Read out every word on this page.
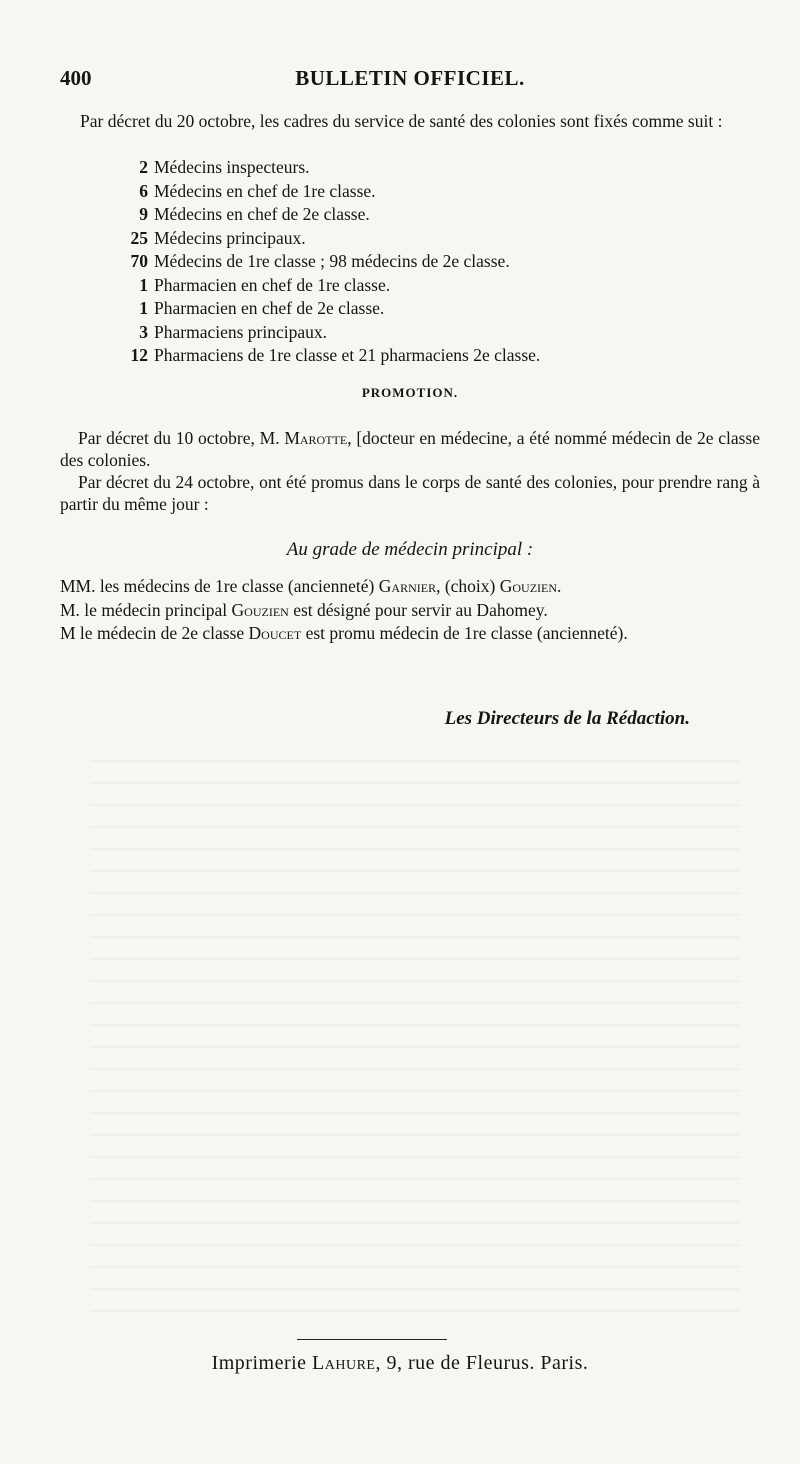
400	BULLETIN OFFICIEL.
Par décret du 20 octobre, les cadres du service de santé des colonies sont fixés comme suit :
2 Médecins inspecteurs.
6 Médecins en chef de 1re classe.
9 Médecins en chef de 2e classe.
25 Médecins principaux.
70 Médecins de 1re classe ; 98 médecins de 2e classe.
1 Pharmacien en chef de 1re classe.
1 Pharmacien en chef de 2e classe.
3 Pharmaciens principaux.
12 Pharmaciens de 1re classe et 21 pharmaciens 2e classe.
PROMOTION.
Par décret du 10 octobre, M. Marotte, [docteur en médecine, a été nommé médecin de 2e classe des colonies.
Par décret du 24 octobre, ont été promus dans le corps de santé des colonies, pour prendre rang à partir du même jour :
Au grade de médecin principal :
MM. les médecins de 1re classe (ancienneté) Garnier, (choix) Gouzien.
M. le médecin principal Gouzien est désigné pour servir au Dahomey.
M le médecin de 2e classe Doucet est promu médecin de 1re classe (ancienneté).
Les Directeurs de la Rédaction.
Imprimerie Lahure, 9, rue de Fleurus. Paris.
